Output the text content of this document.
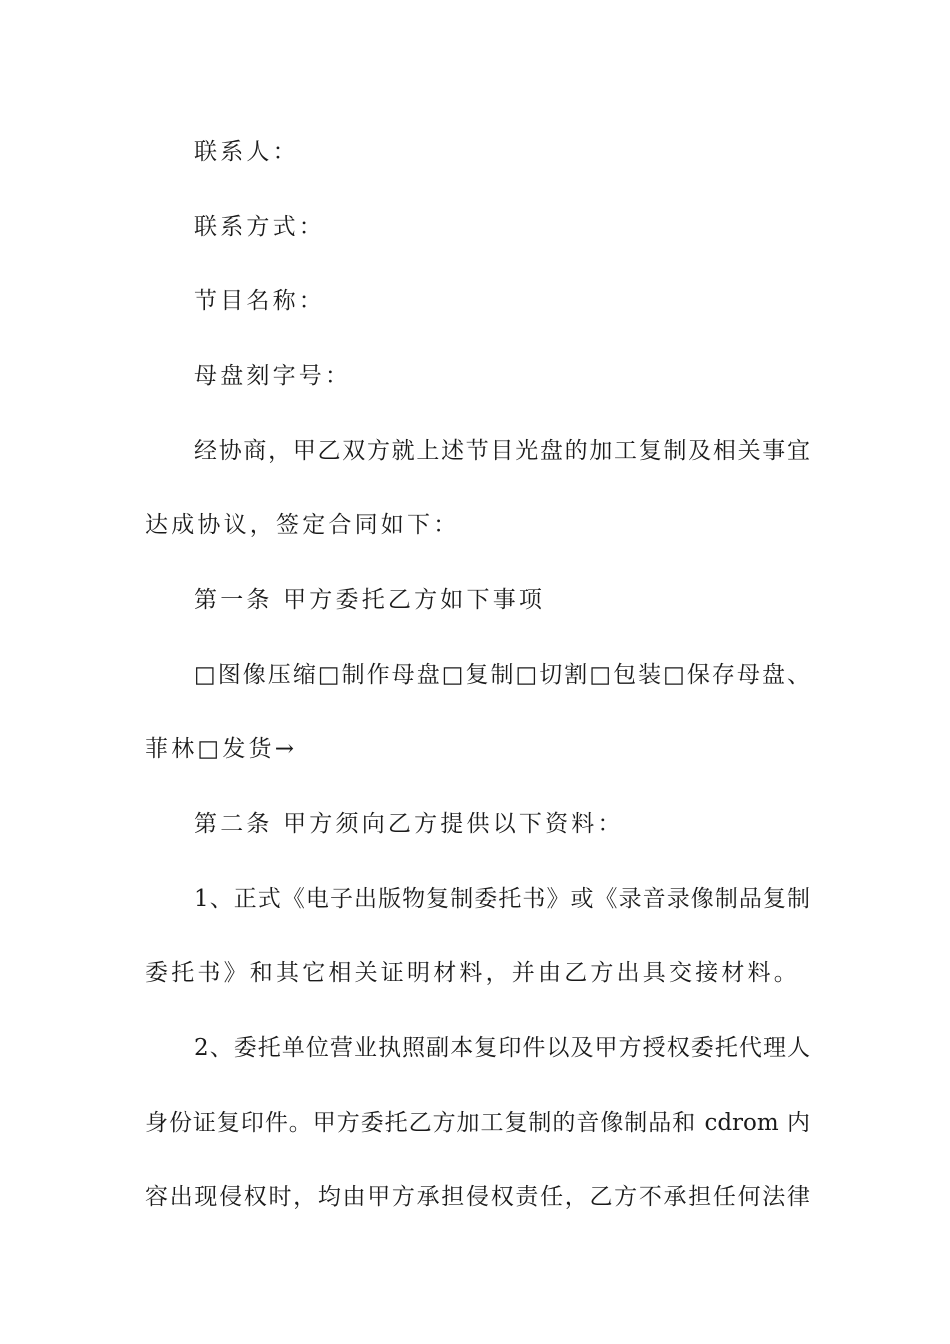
联系人：
联系方式：
节目名称：
母盘刻字号：
经协商，甲乙双方就上述节目光盘的加工复制及相关事宜
达成协议，签定合同如下：
第一条 甲方委托乙方如下事项
□图像压缩□制作母盘□复制□切割□包装□保存母盘、
菲林□发货→
第二条 甲方须向乙方提供以下资料：
1、正式《电子出版物复制委托书》或《录音录像制品复制
委托书》和其它相关证明材料，并由乙方出具交接材料。
2、委托单位营业执照副本复印件以及甲方授权委托代理人
身份证复印件。甲方委托乙方加工复制的音像制品和 cdrom 内
容出现侵权时，均由甲方承担侵权责任，乙方不承担任何法律
